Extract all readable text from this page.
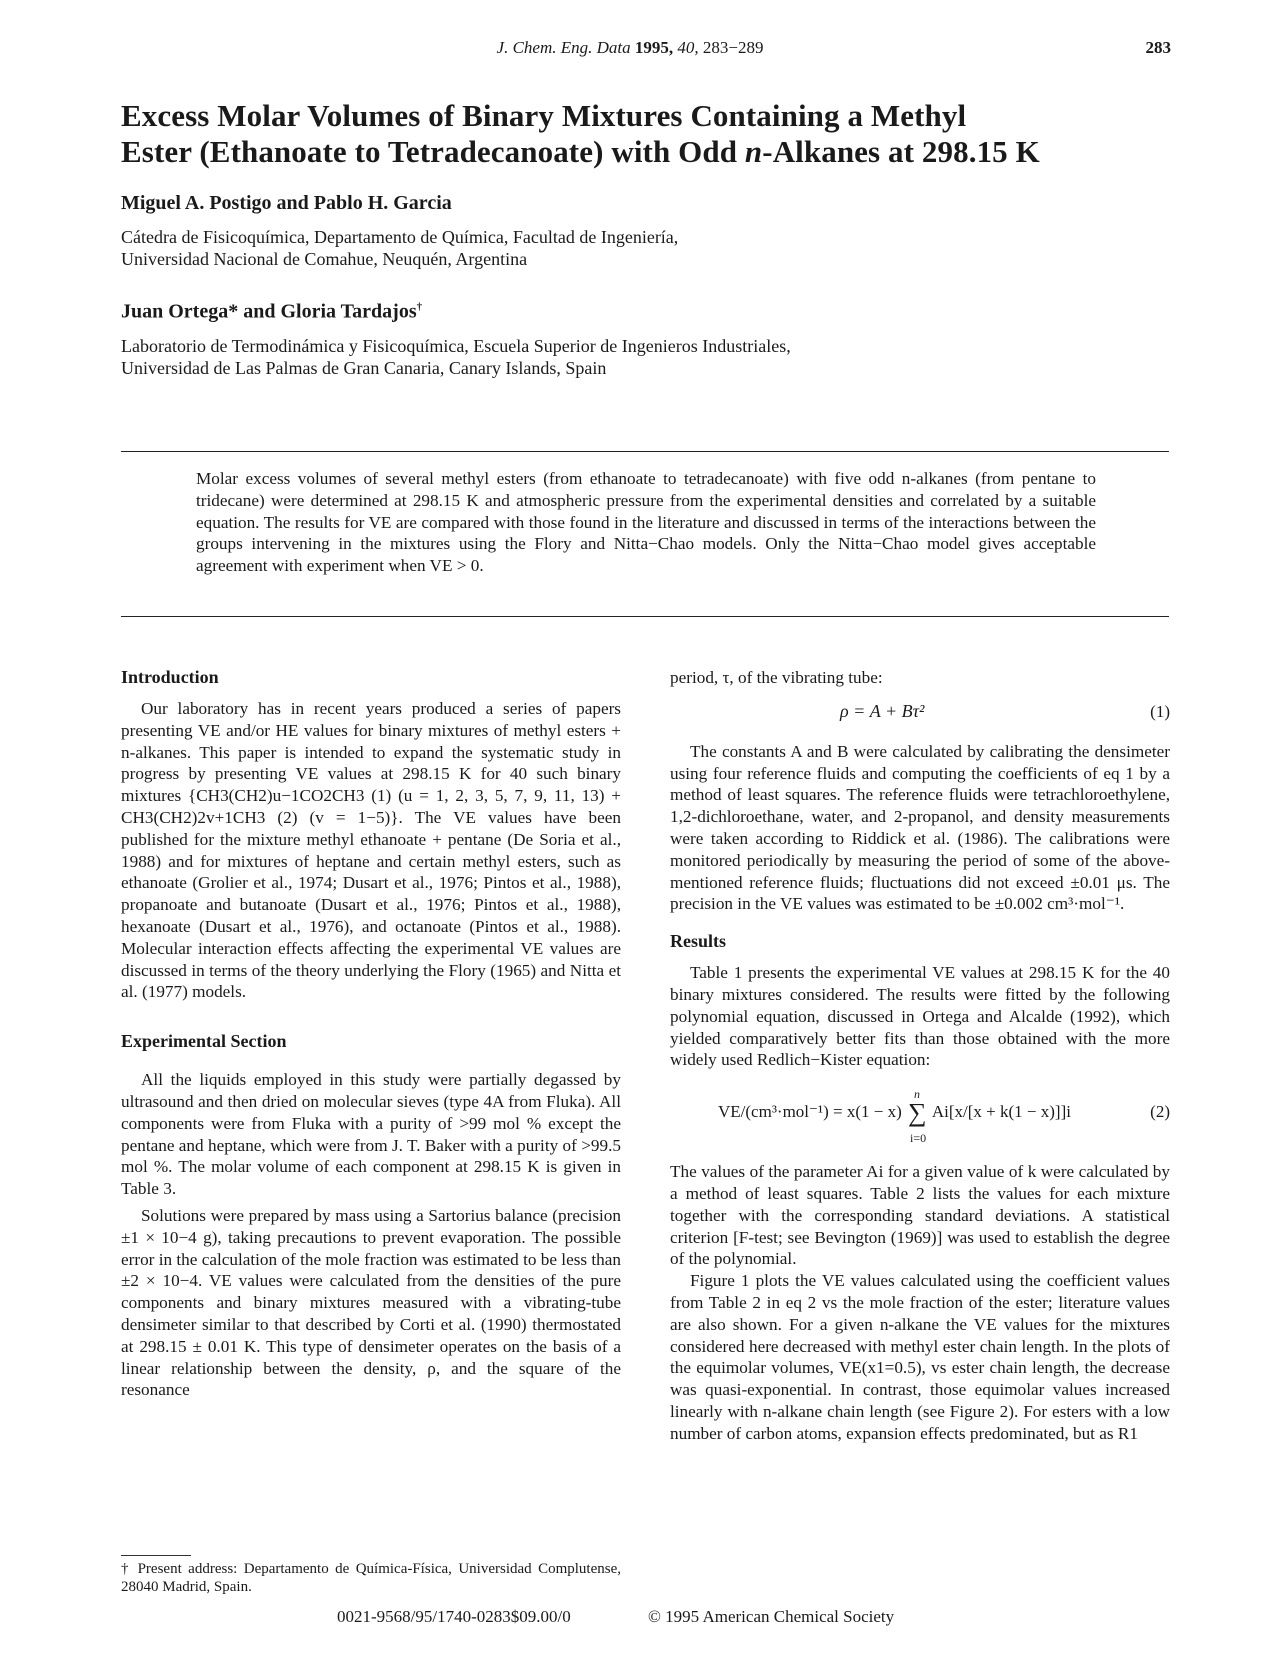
J. Chem. Eng. Data 1995, 40, 283−289	283
Excess Molar Volumes of Binary Mixtures Containing a Methyl
Ester (Ethanoate to Tetradecanoate) with Odd n-Alkanes at 298.15 K
Miguel A. Postigo and Pablo H. Garcia
Cátedra de Fisicoquímica, Departamento de Química, Facultad de Ingeniería,
Universidad Nacional de Comahue, Neuquén, Argentina
Juan Ortega* and Gloria Tardajos†
Laboratorio de Termodinámica y Fisicoquímica, Escuela Superior de Ingenieros Industriales,
Universidad de Las Palmas de Gran Canaria, Canary Islands, Spain
Molar excess volumes of several methyl esters (from ethanoate to tetradecanoate) with five odd n-alkanes (from pentane to tridecane) were determined at 298.15 K and atmospheric pressure from the experimental densities and correlated by a suitable equation. The results for VE are compared with those found in the literature and discussed in terms of the interactions between the groups intervening in the mixtures using the Flory and Nitta−Chao models. Only the Nitta−Chao model gives acceptable agreement with experiment when VE > 0.
Introduction

Our laboratory has in recent years produced a series of papers presenting VE and/or HE values for binary mixtures of methyl esters + n-alkanes. This paper is intended to expand the systematic study in progress by presenting VE values at 298.15 K for 40 such binary mixtures {CH3(CH2)u−1CO2CH3 (1) (u = 1, 2, 3, 5, 7, 9, 11, 13) + CH3(CH2)2v+1CH3 (2) (v = 1−5)}. The VE values have been published for the mixture methyl ethanoate + pentane (De Soria et al., 1988) and for mixtures of heptane and certain methyl esters, such as ethanoate (Grolier et al., 1974; Dusart et al., 1976; Pintos et al., 1988), propanoate and butanoate (Dusart et al., 1976; Pintos et al., 1988), hexanoate (Dusart et al., 1976), and octanoate (Pintos et al., 1988). Molecular interaction effects affecting the experimental VE values are discussed in terms of the theory underlying the Flory (1965) and Nitta et al. (1977) models.

Experimental Section

All the liquids employed in this study were partially degassed by ultrasound and then dried on molecular sieves (type 4A from Fluka). All components were from Fluka with a purity of >99 mol % except the pentane and heptane, which were from J. T. Baker with a purity of >99.5 mol %. The molar volume of each component at 298.15 K is given in Table 3.

Solutions were prepared by mass using a Sartorius balance (precision ±1 × 10−4 g), taking precautions to prevent evaporation. The possible error in the calculation of the mole fraction was estimated to be less than ±2 × 10−4. VE values were calculated from the densities of the pure components and binary mixtures measured with a vibrating-tube densimeter similar to that described by Corti et al. (1990) thermostated at 298.15 ± 0.01 K. This type of densimeter operates on the basis of a linear relationship between the density, ρ, and the square of the resonance

period, τ, of the vibrating tube:

ρ = A + Bτ²	(1)

The constants A and B were calculated by calibrating the densimeter using four reference fluids and computing the coefficients of eq 1 by a method of least squares. The reference fluids were tetrachloroethylene, 1,2-dichloroethane, water, and 2-propanol, and density measurements were taken according to Riddick et al. (1986). The calibrations were monitored periodically by measuring the period of some of the above-mentioned reference fluids; fluctuations did not exceed ±0.01 μs. The precision in the VE values was estimated to be ±0.002 cm³·mol⁻¹.

Results

Table 1 presents the experimental VE values at 298.15 K for the 40 binary mixtures considered. The results were fitted by the following polynomial equation, discussed in Ortega and Alcalde (1992), which yielded comparatively better fits than those obtained with the more widely used Redlich−Kister equation:

VE/(cm³·mol⁻¹) = x(1 − x) ∑
n
i=0
Ai[x/[x + k(1 − x)]]i	(2)

The values of the parameter Ai for a given value of k were calculated by a method of least squares. Table 2 lists the values for each mixture together with the corresponding standard deviations. A statistical criterion [F-test; see Bevington (1969)] was used to establish the degree of the polynomial.

Figure 1 plots the VE values calculated using the coefficient values from Table 2 in eq 2 vs the mole fraction of the ester; literature values are also shown. For a given n-alkane the VE values for the mixtures considered here decreased with methyl ester chain length. In the plots of the equimolar volumes, VE(x1=0.5), vs ester chain length, the decrease was quasi-exponential. In contrast, those equimolar values increased linearly with n-alkane chain length (see Figure 2). For esters with a low number of carbon atoms, expansion effects predominated, but as R1

† Present address: Departamento de Química-Física, Universidad Complutense, 28040 Madrid, Spain.
0021-9568/95/1740-0283$09.00/0	© 1995 American Chemical Society
